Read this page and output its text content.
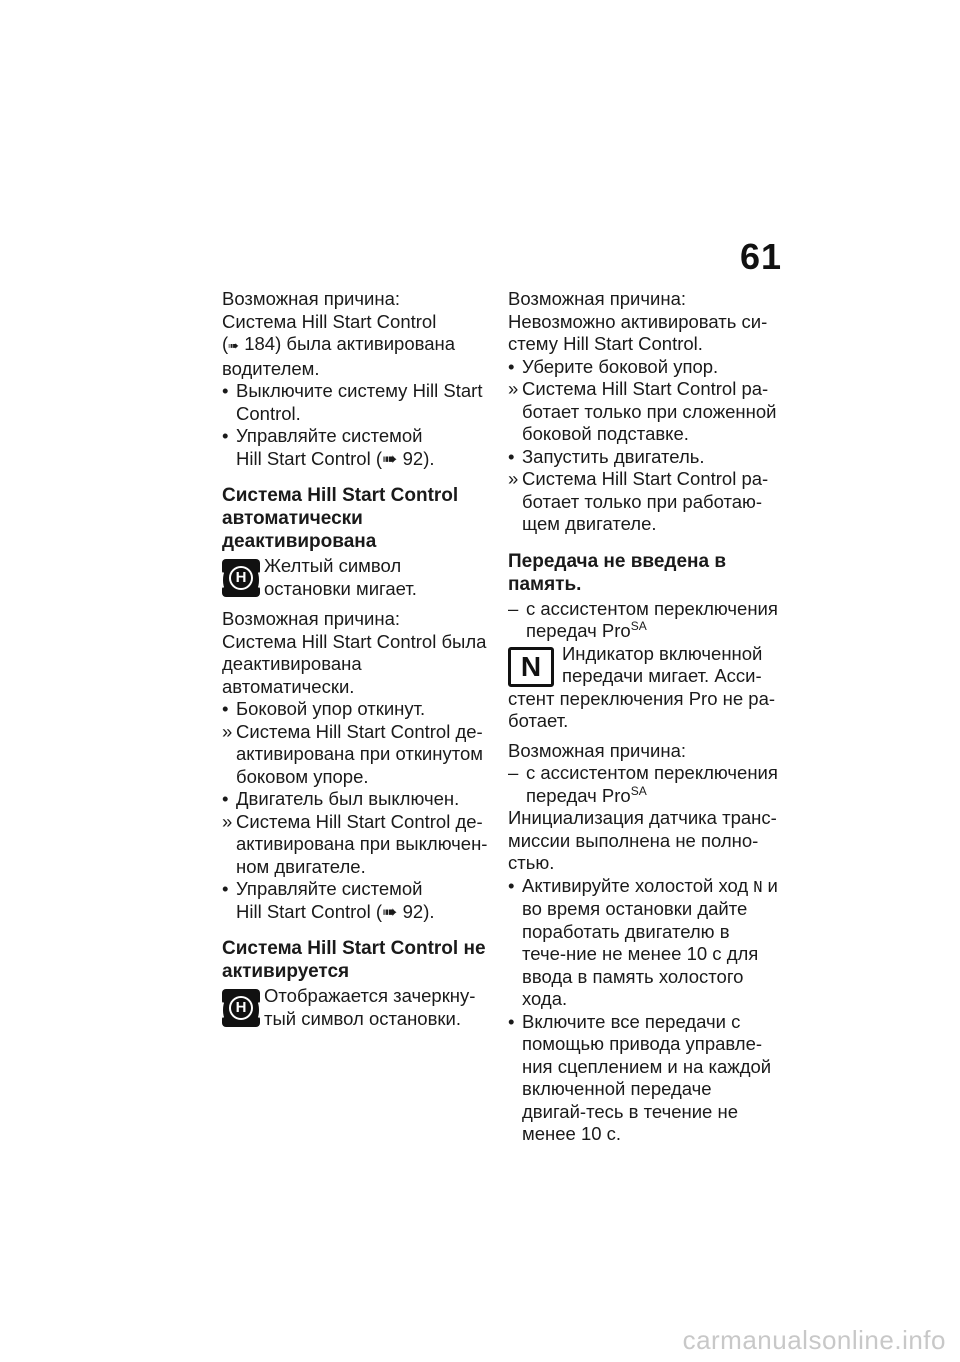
61

Возможная причина:

Система Hill Start Control

(➠ 184) была активирована

водителем.

• Выключите систему Hill Start Control.

• Управляйте системой
Hill Start Control (➠ 92).

Система Hill Start Control автоматически деактивирована

H
Желтый символ остановки мигает.

Возможная причина:

Система Hill Start Control была деактивирована автоматически.

• Боковой упор откинут.

» Система Hill Start Control де-активирована при откинутом боковом упоре.

• Двигатель был выключен.

» Система Hill Start Control де-активирована при выключен-ном двигателе.

• Управляйте системой
Hill Start Control (➠ 92).

Система Hill Start Control не активируется

H
Отображается зачеркну-тый символ остановки.

Возможная причина:

Невозможно активировать си-стему Hill Start Control.

• Уберите боковой упор.

» Система Hill Start Control ра-ботает только при сложенной боковой подставке.

• Запустить двигатель.

» Система Hill Start Control ра-ботает только при работаю-щем двигателе.

Передача не введена в память.

– с ассистентом переключения передач Pro$^{SA}$

N	Индикатор включенной передачи мигает. Асси-

стент переключения Pro не ра-ботает.

Возможная причина:

– с ассистентом переключения передач Pro$^{SA}$

Инициализация датчика транс-миссии выполнена не полно-стью.

• Активируйте холостой ход N и во время остановки дайте поработать двигателю в тече-ние не менее 10 с для ввода в память холостого хода.

• Включите все передачи с помощью привода управле-ния сцеплением и на каждой включенной передаче двигай-тесь в течение не менее 10 с.

carmanualsonline.info
